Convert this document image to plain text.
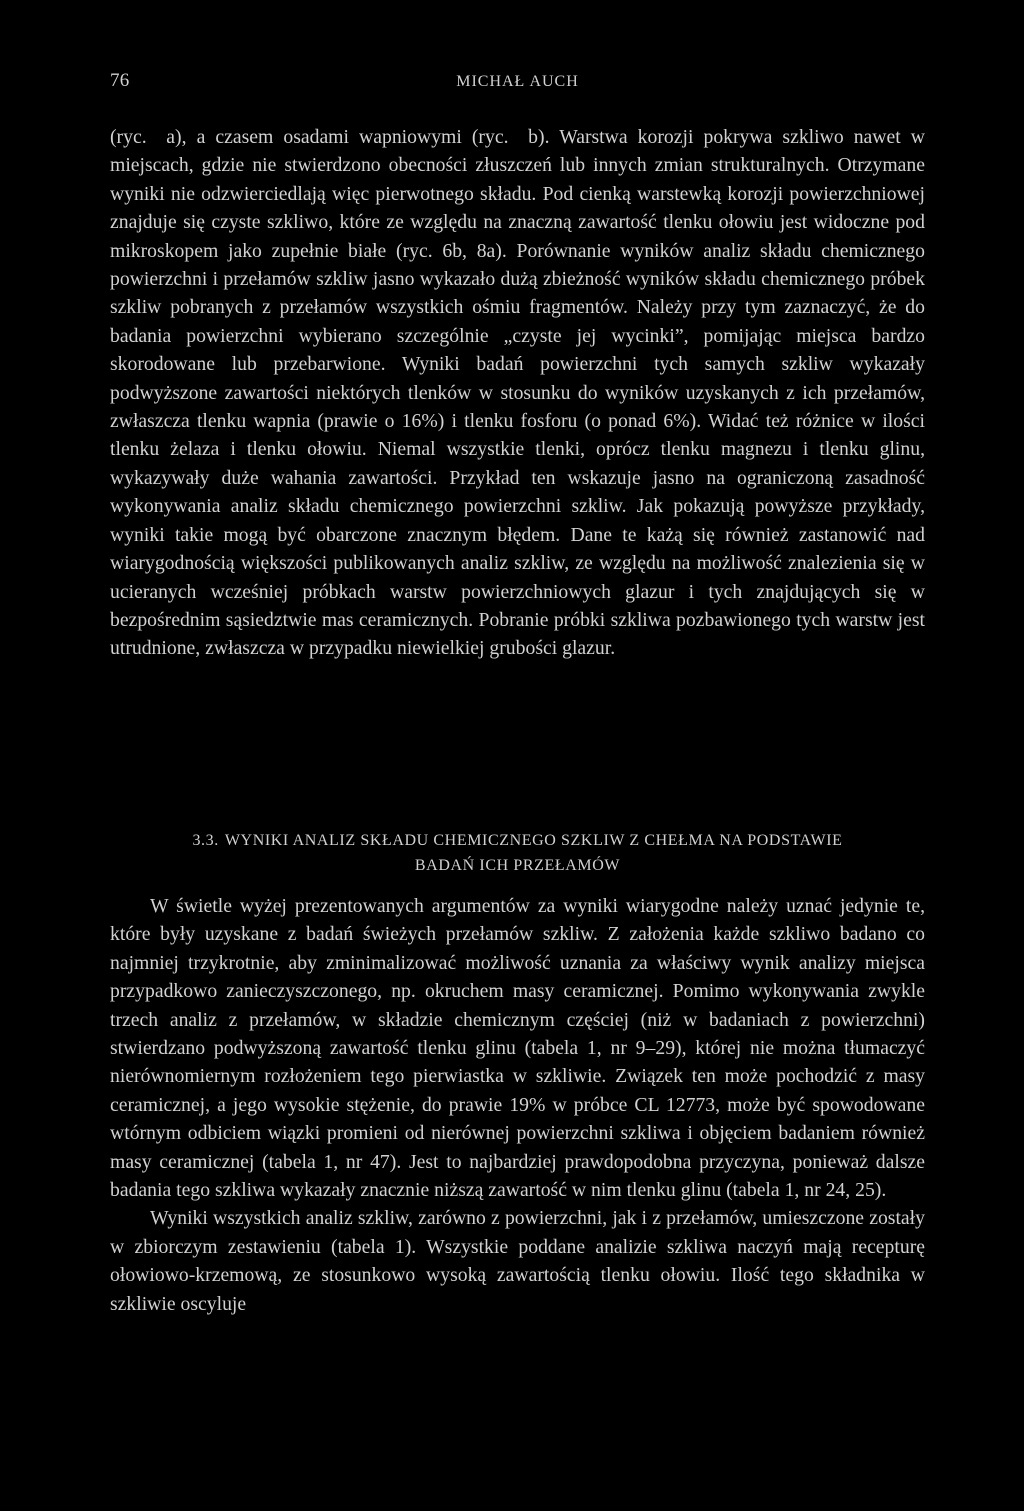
76	MICHAŁ AUCH

(ryc. a), a czasem osadami wapniowymi (ryc. b). Warstwa korozji pokrywa szkliwo nawet w miejscach, gdzie nie stwierdzono obecności złuszczeń lub innych zmian strukturalnych. Otrzymane wyniki nie odzwierciedlają więc pierwotnego składu. Pod cienką warstewką korozji powierzchniowej znajduje się czyste szkliwo, które ze względu na znaczną zawartość tlenku ołowiu jest widoczne pod mikroskopem jako zupełnie białe (ryc. 6b, 8a). Porównanie wyników analiz składu chemicznego powierzchni i przełamów szkliw jasno wykazało dużą zbieżność wyników składu chemicznego próbek szkliw pobranych z przełamów wszystkich ośmiu fragmentów. Należy przy tym zaznaczyć, że do badania powierzchni wybierano szczególnie „czyste jej wycinki”, pomijając miejsca bardzo skorodowane lub przebarwione. Wyniki badań powierzchni tych samych szkliw wykazały podwyższone zawartości niektórych tlenków w stosunku do wyników uzyskanych z ich przełamów, zwłaszcza tlenku wapnia (prawie o 16%) i tlenku fosforu (o ponad 6%). Widać też różnice w ilości tlenku żelaza i tlenku ołowiu. Niemal wszystkie tlenki, oprócz tlenku magnezu i tlenku glinu, wykazywały duże wahania zawartości. Przykład ten wskazuje jasno na ograniczoną zasadność wykonywania analiz składu chemicznego powierzchni szkliw. Jak pokazują powyższe przykłady, wyniki takie mogą być obarczone znacznym błędem. Dane te każą się również zastanowić nad wiarygodnością większości publikowanych analiz szkliw, ze względu na możliwość znalezienia się w ucieranych wcześniej próbkach warstw powierzchniowych glazur i tych znajdujących się w bezpośrednim sąsiedztwie mas ceramicznych. Pobranie próbki szkliwa pozbawionego tych warstw jest utrudnione, zwłaszcza w przypadku niewielkiej grubości glazur.

3.3. WYNIKI ANALIZ SKŁADU CHEMICZNEGO SZKLIW Z CHEŁMA NA PODSTAWIE
BADAŃ ICH PRZEŁAMÓW

W świetle wyżej prezentowanych argumentów za wyniki wiarygodne należy uznać jedynie te, które były uzyskane z badań świeżych przełamów szkliw. Z założenia każde szkliwo badano co najmniej trzykrotnie, aby zminimalizować możliwość uznania za właściwy wynik analizy miejsca przypadkowo zanieczyszczonego, np. okruchem masy ceramicznej. Pomimo wykonywania zwykle trzech analiz z przełamów, w składzie chemicznym częściej (niż w badaniach z powierzchni) stwierdzano podwyższoną zawartość tlenku glinu (tabela 1, nr 9–29), której nie można tłumaczyć nierównomiernym rozłożeniem tego pierwiastka w szkliwie. Związek ten może pochodzić z masy ceramicznej, a jego wysokie stężenie, do prawie 19% w próbce CL 12773, może być spowodowane wtórnym odbiciem wiązki promieni od nierównej powierzchni szkliwa i objęciem badaniem również masy ceramicznej (tabela 1, nr 47). Jest to najbardziej prawdopodobna przyczyna, ponieważ dalsze badania tego szkliwa wykazały znacznie niższą zawartość w nim tlenku glinu (tabela 1, nr 24, 25).

Wyniki wszystkich analiz szkliw, zarówno z powierzchni, jak i z przełamów, umieszczone zostały w zbiorczym zestawieniu (tabela 1). Wszystkie poddane analizie szkliwa naczyń mają recepturę ołowiowo-krzemową, ze stosunkowo wysoką zawartością tlenku ołowiu. Ilość tego składnika w szkliwie oscyluje
